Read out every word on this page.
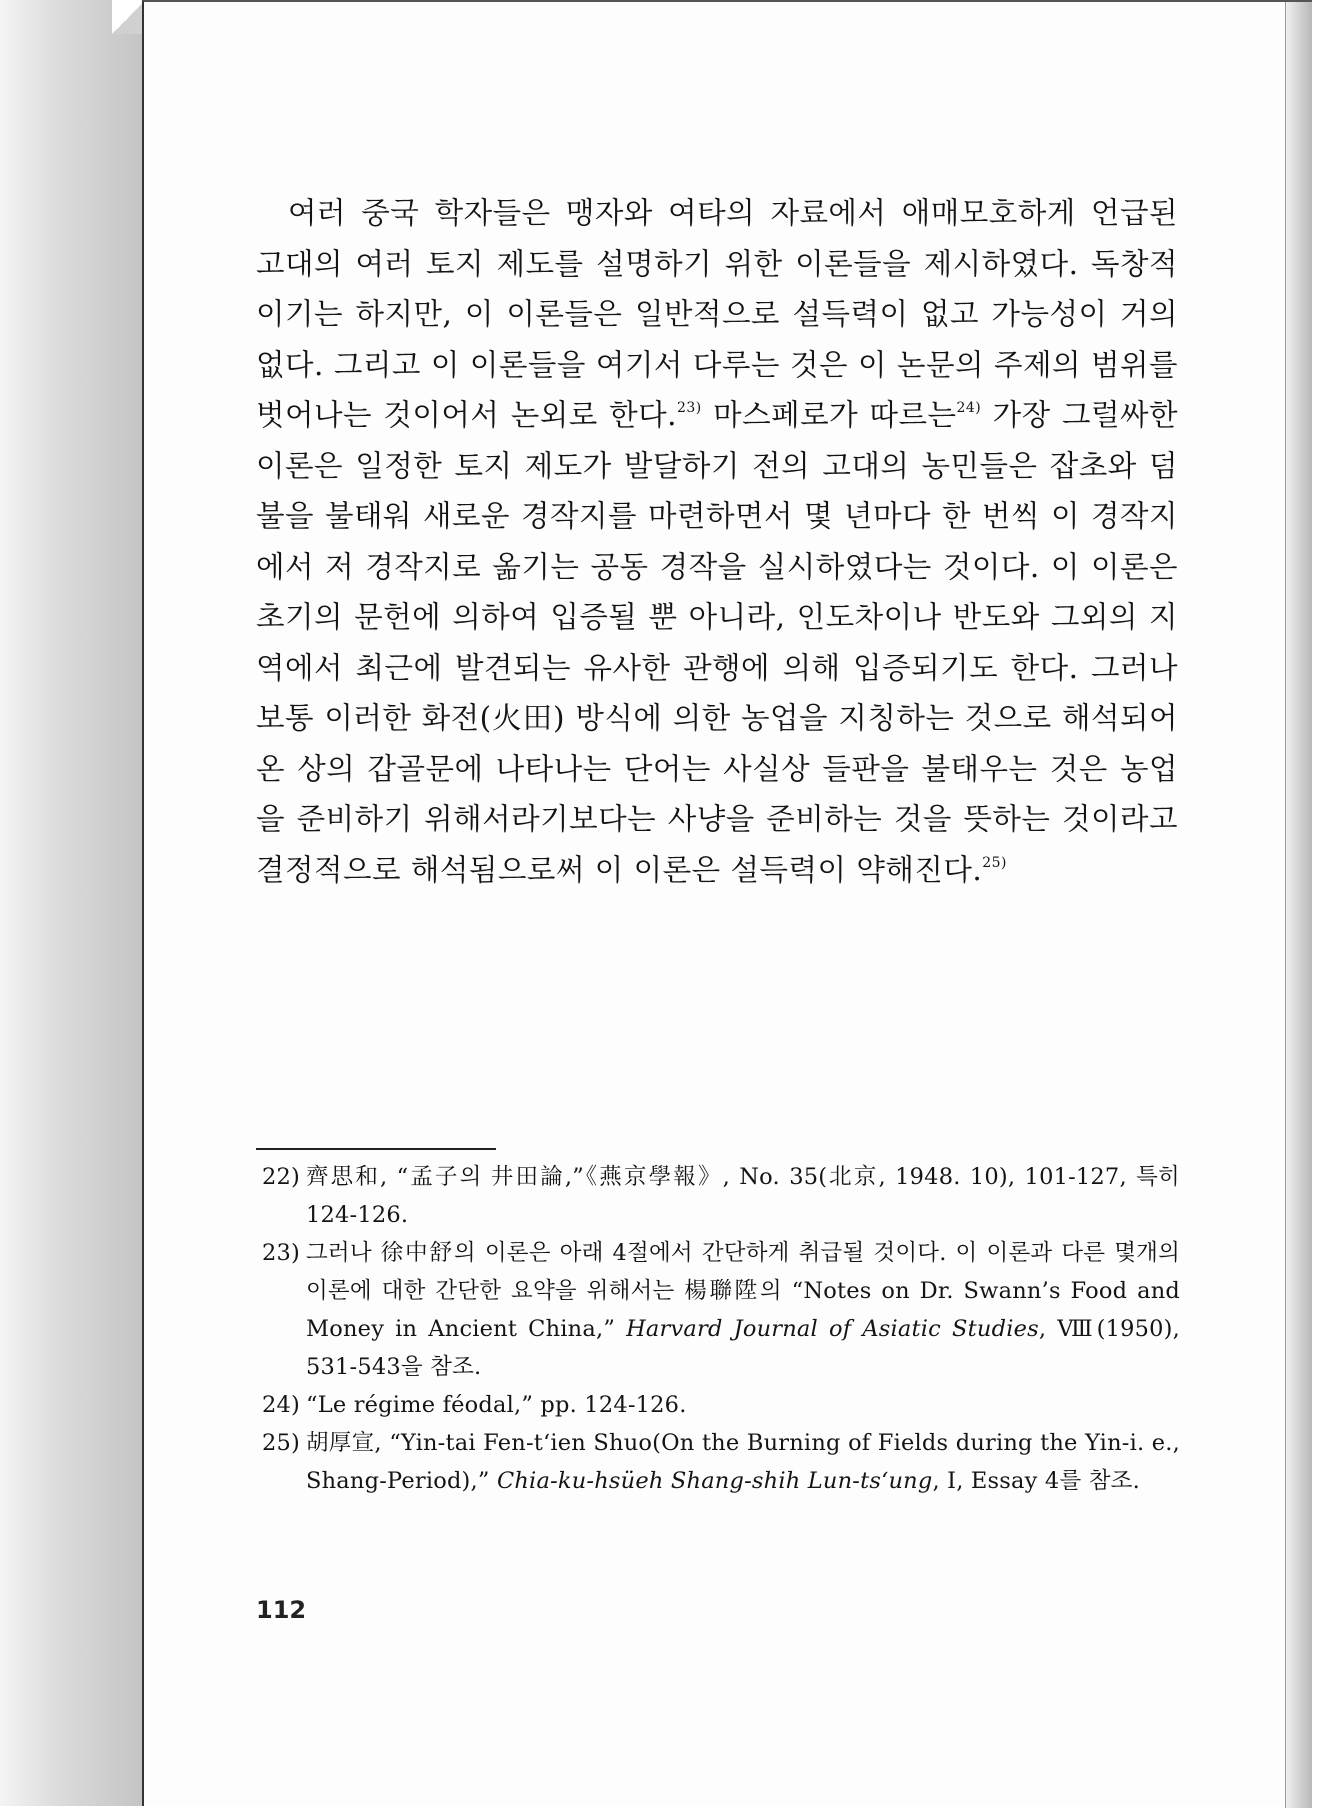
여러 중국 학자들은 맹자와 여타의 자료에서 애매모호하게 언급된 고대의 여러 토지 제도를 설명하기 위한 이론들을 제시하였다. 독창적이기는 하지만, 이 이론들은 일반적으로 설득력이 없고 가능성이 거의 없다. 그리고 이 이론들을 여기서 다루는 것은 이 논문의 주제의 범위를 벗어나는 것이어서 논외로 한다.$^{23)}$ 마스페로가 따르는$^{24)}$ 가장 그럴싸한 이론은 일정한 토지 제도가 발달하기 전의 고대의 농민들은 잡초와 덤불을 불태워 새로운 경작지를 마련하면서 몇 년마다 한 번씩 이 경작지에서 저 경작지로 옮기는 공동 경작을 실시하였다는 것이다. 이 이론은 초기의 문헌에 의하여 입증될 뿐 아니라, 인도차이나 반도와 그외의 지역에서 최근에 발견되는 유사한 관행에 의해 입증되기도 한다. 그러나 보통 이러한 화전(火田) 방식에 의한 농업을 지칭하는 것으로 해석되어 온 상의 갑골문에 나타나는 단어는 사실상 들판을 불태우는 것은 농업을 준비하기 위해서라기보다는 사냥을 준비하는 것을 뜻하는 것이라고 결정적으로 해석됨으로써 이 이론은 설득력이 약해진다.$^{25)}$

22) 齊思和, “孟子의 井田論,”《燕京學報》, No. 35(北京, 1948. 10), 101-127, 특히 124-126.
23) 그러나 徐中舒의 이론은 아래 4절에서 간단하게 취급될 것이다. 이 이론과 다른 몇개의 이론에 대한 간단한 요약을 위해서는 楊聯陞의 “Notes on Dr. Swann’s Food and Money in Ancient China,” Harvard Journal of Asiatic Studies, Ⅷ(1950), 531-543을 참조.
24) “Le régime féodal,” pp. 124-126.
25) 胡厚宣, “Yin-tai Fen-t‘ien Shuo(On the Burning of Fields during the Yin-i. e., Shang-Period),” Chia-ku-hsüeh Shang-shih Lun-ts‘ung, Ⅰ, Essay 4를 참조.
112
